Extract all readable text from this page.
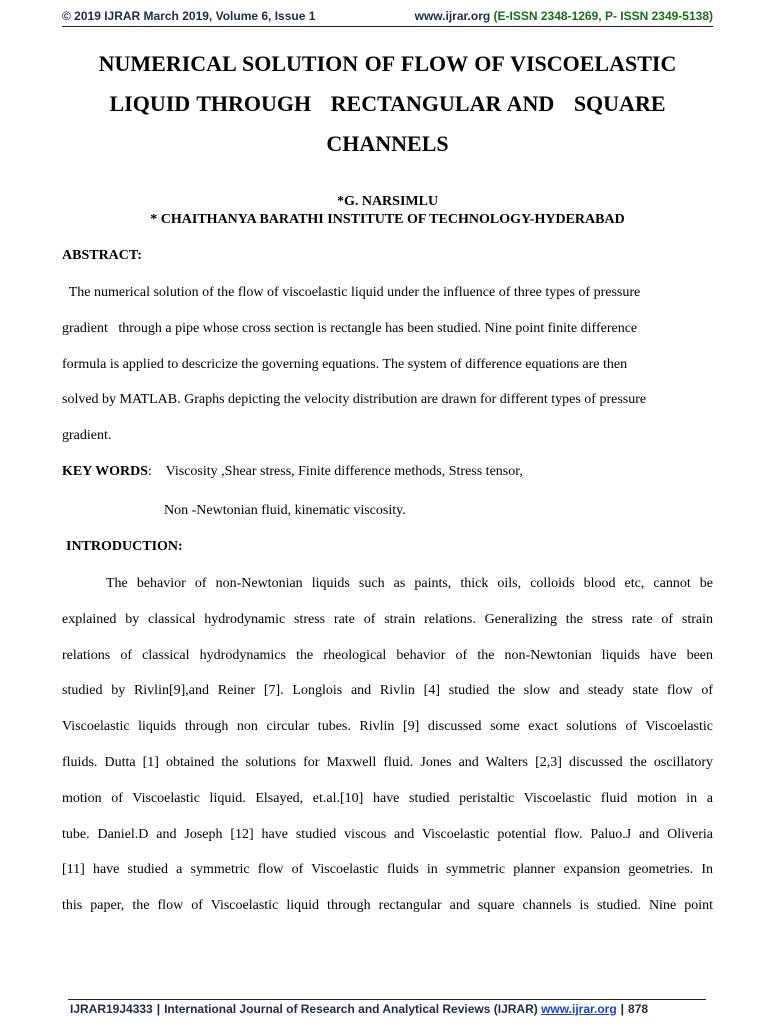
© 2019 IJRAR March 2019, Volume 6, Issue 1	www.ijrar.org (E-ISSN 2348-1269, P- ISSN 2349-5138)
NUMERICAL SOLUTION OF FLOW OF VISCOELASTIC
LIQUID THROUGH   RECTANGULAR AND   SQUARE
CHANNELS
*G. NARSIMLU
* CHAITHANYA BARATHI INSTITUTE OF TECHNOLOGY-HYDERABAD
ABSTRACT:
The numerical solution of the flow of viscoelastic liquid under the influence of three types of pressure
gradient   through a pipe whose cross section is rectangle has been studied. Nine point finite difference
formula is applied to descricize the governing equations. The system of difference equations are then
solved by MATLAB. Graphs depicting the velocity distribution are drawn for different types of pressure
gradient.
KEY WORDS:    Viscosity ,Shear stress, Finite difference methods, Stress tensor,
Non -Newtonian fluid, kinematic viscosity.
INTRODUCTION:
The behavior of non-Newtonian liquids such as paints, thick oils, colloids blood etc, cannot be
explained by classical hydrodynamic stress rate of strain relations. Generalizing the stress rate of strain
relations of classical hydrodynamics the rheological behavior of the non-Newtonian liquids have been
studied by Rivlin[9],and Reiner [7]. Longlois and Rivlin [4] studied the slow and steady state flow of
Viscoelastic liquids through non circular tubes. Rivlin [9] discussed some exact solutions of Viscoelastic
fluids. Dutta [1] obtained the solutions for Maxwell fluid. Jones and Walters [2,3] discussed the oscillatory
motion of Viscoelastic liquid. Elsayed, et.al.[10] have studied peristaltic Viscoelastic fluid motion in a
tube. Daniel.D and Joseph [12] have studied viscous and Viscoelastic potential flow. Paluo.J and Oliveria
[11] have studied a symmetric flow of Viscoelastic fluids in symmetric planner expansion geometries. In
this paper, the flow of Viscoelastic liquid through rectangular and square channels is studied. Nine point
IJRAR19J4333 | International Journal of Research and Analytical Reviews (IJRAR) www.ijrar.org | 878
